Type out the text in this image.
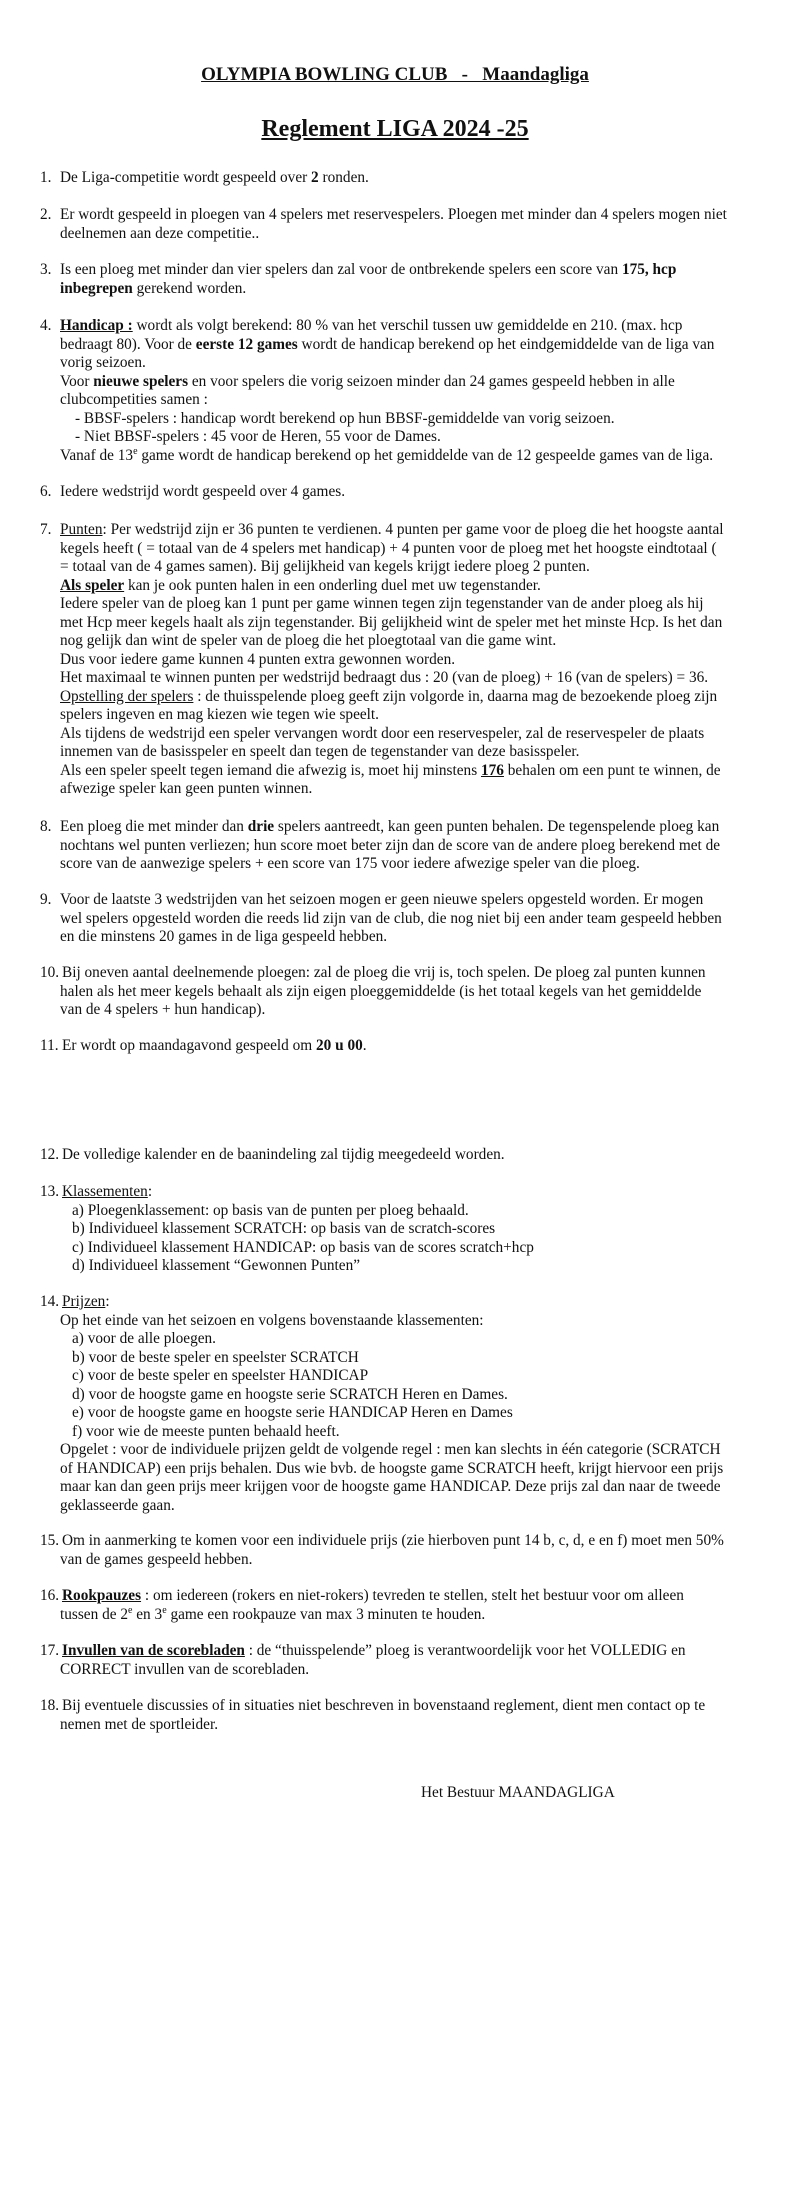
OLYMPIA BOWLING CLUB   -   Maandagliga
Reglement LIGA 2024 -25
1. De Liga-competitie wordt gespeeld over 2 ronden.
2. Er wordt gespeeld in ploegen van 4 spelers met reservespelers. Ploegen met minder dan 4 spelers mogen niet
deelnemen aan deze competitie..
3. Is een ploeg met minder dan vier spelers dan zal voor de ontbrekende spelers een score van 175, hcp
inbegrepen gerekend worden.
4. Handicap : wordt als volgt berekend: 80 % van het verschil tussen uw gemiddelde en 210. (max. hcp
bedraagt 80). Voor de eerste 12 games wordt de handicap berekend op het eindgemiddelde van de liga van
vorig seizoen.
Voor nieuwe spelers en voor spelers die vorig seizoen minder dan 24 games gespeeld hebben in alle
clubcompetities samen :
- BBSF-spelers : handicap wordt berekend op hun BBSF-gemiddelde van vorig seizoen.
- Niet BBSF-spelers : 45 voor de Heren, 55 voor de Dames.
Vanaf de 13e game wordt de handicap berekend op het gemiddelde van de 12 gespeelde games van de liga.
6. Iedere wedstrijd wordt gespeeld over 4 games.
7. Punten: Per wedstrijd zijn er 36 punten te verdienen. 4 punten per game voor de ploeg die het hoogste aantal
kegels heeft ( = totaal van de 4 spelers met handicap) + 4 punten voor de ploeg met het hoogste eindtotaal (
= totaal van de 4 games samen). Bij gelijkheid van kegels krijgt iedere ploeg 2 punten.
Als speler kan je ook punten halen in een onderling duel met uw tegenstander.
Iedere speler van de ploeg kan 1 punt per game winnen tegen zijn tegenstander van de ander ploeg als hij
met Hcp meer kegels haalt als zijn tegenstander. Bij gelijkheid wint de speler met het minste Hcp. Is het dan
nog gelijk dan wint de speler van de ploeg die het ploegtotaal van die game wint.
Dus voor iedere game kunnen 4 punten extra gewonnen worden.
Het maximaal te winnen punten per wedstrijd bedraagt dus : 20 (van de ploeg) + 16 (van de spelers) = 36.
Opstelling der spelers : de thuisspelende ploeg geeft zijn volgorde in, daarna mag de bezoekende ploeg zijn
spelers ingeven en mag kiezen wie tegen wie speelt.
Als tijdens de wedstrijd een speler vervangen wordt door een reservespeler, zal de reservespeler de plaats
innemen van de basisspeler en speelt dan tegen de tegenstander van deze basisspeler.
Als een speler speelt tegen iemand die afwezig is, moet hij minstens 176 behalen om een punt te winnen, de
afwezige speler kan geen punten winnen.
8. Een ploeg die met minder dan drie spelers aantreedt, kan geen punten behalen. De tegenspelende ploeg kan
nochtans wel punten verliezen; hun score moet beter zijn dan de score van de andere ploeg berekend met de
score van de aanwezige spelers + een score van 175 voor iedere afwezige speler van die ploeg.
9. Voor de laatste 3 wedstrijden van het seizoen mogen er geen nieuwe spelers opgesteld worden. Er mogen
wel spelers opgesteld worden die reeds lid zijn van de club, die nog niet bij een ander team gespeeld hebben
en die minstens 20 games in de liga gespeeld hebben.
10. Bij oneven aantal deelnemende ploegen: zal de ploeg die vrij is, toch spelen. De ploeg zal punten kunnen
halen als het meer kegels behaalt als zijn eigen ploeggemiddelde (is het totaal kegels van het gemiddelde
van de 4 spelers + hun handicap).
11. Er wordt op maandagavond gespeeld om 20 u 00.
12. De volledige kalender en de baanindeling zal tijdig meegedeeld worden.
13. Klassementen:
a) Ploegenklassement: op basis van de punten per ploeg behaald.
b) Individueel klassement SCRATCH: op basis van de scratch-scores
c) Individueel klassement HANDICAP: op basis van de scores scratch+hcp
d) Individueel klassement “Gewonnen Punten”
14. Prijzen:
Op het einde van het seizoen en volgens bovenstaande klassementen:
a) voor de alle ploegen.
b) voor de beste speler en speelster SCRATCH
c) voor de beste speler en speelster HANDICAP
d) voor de hoogste game en hoogste serie SCRATCH Heren en Dames.
e) voor de hoogste game en hoogste serie HANDICAP Heren en Dames
f) voor wie de meeste punten behaald heeft.
Opgelet : voor de individuele prijzen geldt de volgende regel : men kan slechts in één categorie (SCRATCH
of HANDICAP) een prijs behalen. Dus wie bvb. de hoogste game SCRATCH heeft, krijgt hiervoor een prijs
maar kan dan geen prijs meer krijgen voor de hoogste game HANDICAP. Deze prijs zal dan naar de tweede
geklasseerde gaan.
15. Om in aanmerking te komen voor een individuele prijs (zie hierboven punt 14 b, c, d, e en f) moet men 50%
van de games gespeeld hebben.
16. Rookpauzes : om iedereen (rokers en niet-rokers) tevreden te stellen, stelt het bestuur voor om alleen
tussen de 2e en 3e game een rookpauze van max 3 minuten te houden.
17. Invullen van de scorebladen : de “thuisspelende” ploeg is verantwoordelijk voor het VOLLEDIG en
CORRECT invullen van de scorebladen.
18. Bij eventuele discussies of in situaties niet beschreven in bovenstaand reglement, dient men contact op te
nemen met de sportleider.
Het Bestuur MAANDAGLIGA
